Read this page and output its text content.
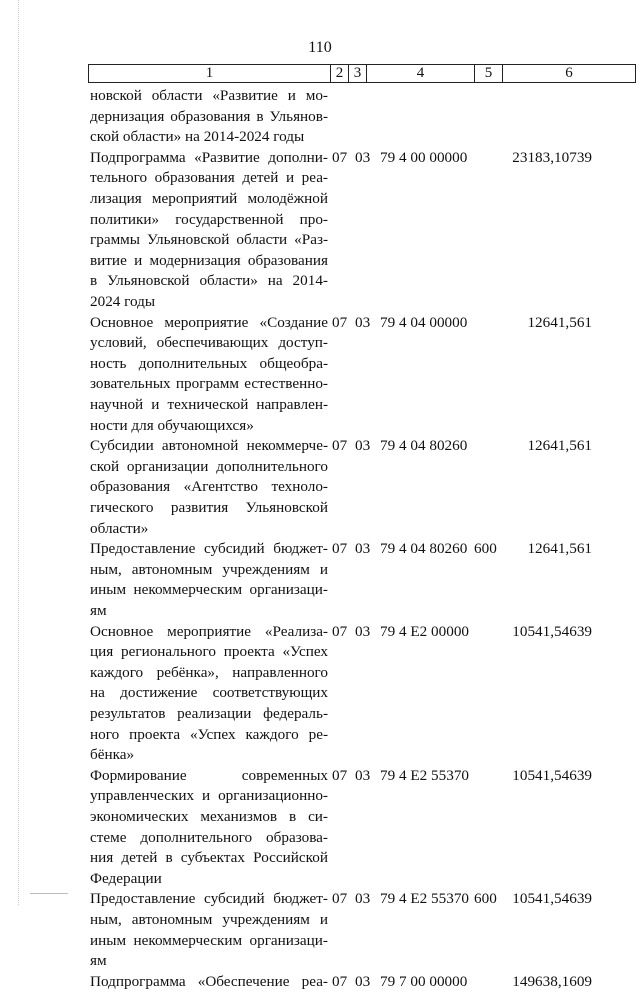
110
1	2 3	4	5	6
новской области «Развитие и мо-
дернизация образования в Ульянов-
ской области» на 2014-2024 годы
Подпрограмма «Развитие дополни-
тельного образования детей и реа-
лизация мероприятий молодёжной
политики» государственной про-
граммы Ульяновской области «Раз-
витие и модернизация образования
в Ульяновской области» на 2014-
2024 годы
07 03 79 4 00 00000	23183,10739
Основное мероприятие «Создание
условий, обеспечивающих доступ-
ность дополнительных общеобра-
зовательных программ естественно-
научной и технической направлен-
ности для обучающихся»
07 03 79 4 04 00000	12641,561
Субсидии автономной некоммерче-
ской организации дополнительного
образования «Агентство техноло-
гического развития Ульяновской
области»
07 03 79 4 04 80260	12641,561
Предоставление субсидий бюджет-
ным, автономным учреждениям и
иным некоммерческим организаци-
ям
07 03 79 4 04 80260 600 12641,561
Основное мероприятие «Реализа-
ция регионального проекта «Успех
каждого ребёнка», направленного
на достижение соответствующих
результатов реализации федераль-
ного проекта «Успех каждого ре-
бёнка»
07 03 79 4 E2 00000	10541,54639
Формирование современных
управленческих и организационно-
экономических механизмов в си-
стеме дополнительного образова-
ния детей в субъектах Российской
Федерации
07 03 79 4 E2 55370	10541,54639
Предоставление субсидий бюджет-
ным, автономным учреждениям и
иным некоммерческим организаци-
ям
07 03 79 4 E2 55370 600 10541,54639
Подпрограмма «Обеспечение реа- 07 03 79 7 00 00000	149638,1609
